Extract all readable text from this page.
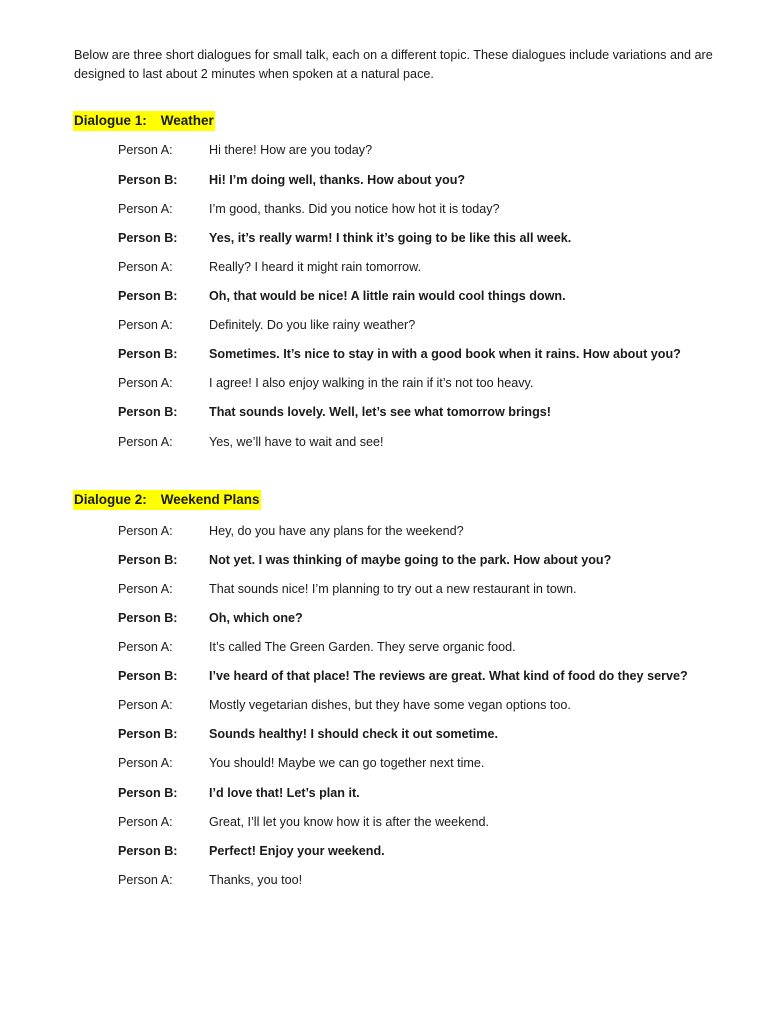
Below are three short dialogues for small talk, each on a different topic. These dialogues include variations and are designed to last about 2 minutes when spoken at a natural pace.

Dialogue 1: Weather
Person A:	Hi there! How are you today?
Person B:	Hi! I’m doing well, thanks. How about you?
Person A:	I’m good, thanks. Did you notice how hot it is today?
Person B:	Yes, it’s really warm! I think it’s going to be like this all week.
Person A:	Really? I heard it might rain tomorrow.
Person B:	Oh, that would be nice! A little rain would cool things down.
Person A:	Definitely. Do you like rainy weather?
Person B:	Sometimes. It’s nice to stay in with a good book when it rains. How about you?
Person A:	I agree! I also enjoy walking in the rain if it’s not too heavy.
Person B:	That sounds lovely. Well, let’s see what tomorrow brings!
Person A:	Yes, we’ll have to wait and see!
Dialogue 2: Weekend Plans
Person A:	Hey, do you have any plans for the weekend?
Person B:	Not yet. I was thinking of maybe going to the park. How about you?
Person A:	That sounds nice! I’m planning to try out a new restaurant in town.
Person B:	Oh, which one?
Person A:	It’s called The Green Garden. They serve organic food.
Person B:	I’ve heard of that place! The reviews are great. What kind of food do they serve?
Person A:	Mostly vegetarian dishes, but they have some vegan options too.
Person B:	Sounds healthy! I should check it out sometime.
Person A:	You should! Maybe we can go together next time.
Person B:	I’d love that! Let’s plan it.
Person A:	Great, I’ll let you know how it is after the weekend.
Person B:	Perfect! Enjoy your weekend.
Person A:	Thanks, you too!
